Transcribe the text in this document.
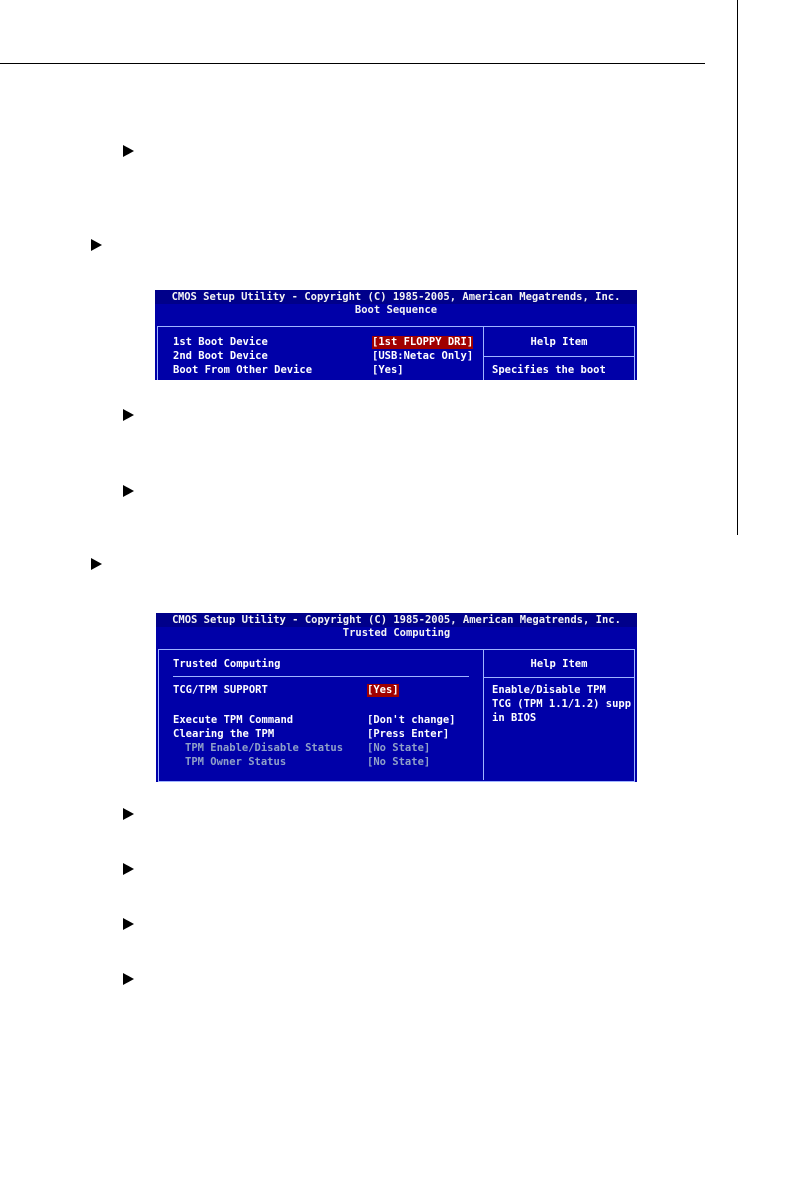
CMOS Setup Utility - Copyright (C) 1985-2005, American Megatrends, Inc.
Boot Sequence
1st Boot Device	[1st FLOPPY DRI]
2nd Boot Device	[USB:Netac Only]
Boot From Other Device	[Yes]
Help Item
Specifies the boot
CMOS Setup Utility - Copyright (C) 1985-2005, American Megatrends, Inc.
Trusted Computing
Trusted Computing
TCG/TPM SUPPORT	[Yes]
Execute TPM Command	[Don't change]
Clearing the TPM	[Press Enter]
TPM Enable/Disable Status [No State]
TPM Owner Status	[No State]
Help Item
Enable/Disable TPM
TCG (TPM 1.1/1.2) supp
in BIOS
